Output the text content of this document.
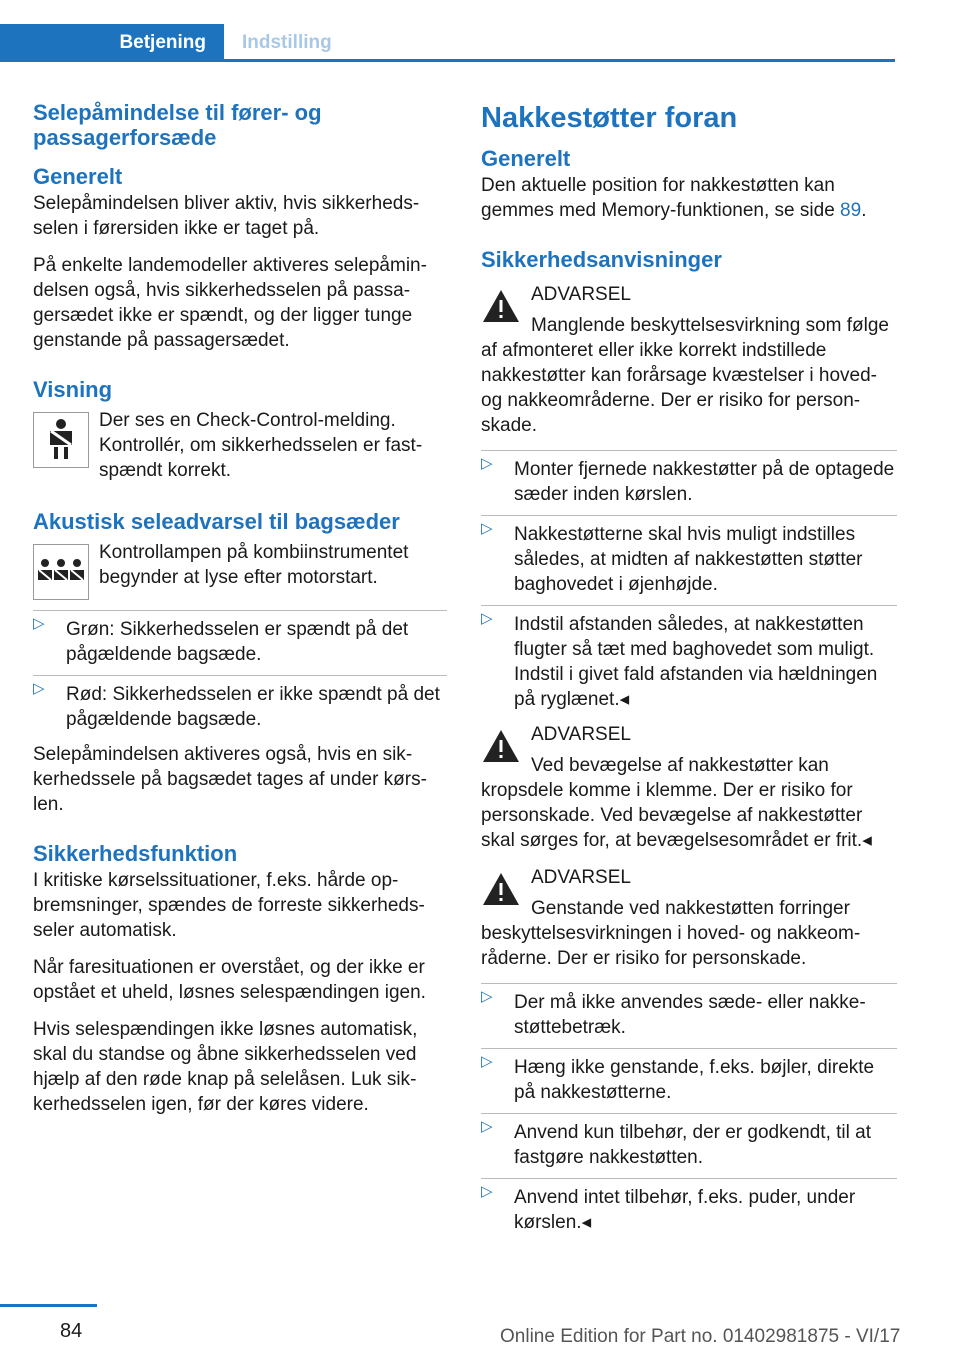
Betjening	Indstilling
Selepåmindelse til fører- og passagerforsæde
Generelt

Selepåmindelsen bliver aktiv, hvis sikkerhedsselen i førersiden ikke er taget på.

På enkelte landemodeller aktiveres selepåmindelsen også, hvis sikkerhedsselen på passagersædet ikke er spændt, og der ligger tunge genstande på passagersædet.

Visning

Der ses en Check-Control-melding. Kontrollér, om sikkerhedsselen er fastspændt korrekt.

Akustisk seleadvarsel til bagsæder

Kontrollampen på kombiinstrumentet begynder at lyse efter motorstart.

▷ Grøn: Sikkerhedsselen er spændt på det pågældende bagsæde.
▷ Rød: Sikkerhedsselen er ikke spændt på det pågældende bagsæde.

Selepåmindelsen aktiveres også, hvis en sikkerhedssele på bagsædet tages af under kørslen.

Sikkerhedsfunktion

I kritiske kørselssituationer, f.eks. hårde opbremsninger, spændes de forreste sikkerhedsseler automatisk.

Når faresituationen er overstået, og der ikke er opstået et uheld, løsnes selespændingen igen.

Hvis selespændingen ikke løsnes automatisk, skal du standse og åbne sikkerhedsselen ved hjælp af den røde knap på selelåsen. Luk sikkerhedsselen igen, før der køres videre.

Nakkestøtter foran
Generelt

Den aktuelle position for nakkestøtten kan gemmes med Memory-funktionen, se side 89.

Sikkerhedsanvisninger
ADVARSEL
Manglende beskyttelsesvirkning som følge af afmonteret eller ikke korrekt indstillede nakkestøtter kan forårsage kvæstelser i hoved- og nakkeområderne. Der er risiko for personskade.
▷ Monter fjernede nakkestøtter på de optagede sæder inden kørslen.
▷ Nakkestøtterne skal hvis muligt indstilles således, at midten af nakkestøtten støtter baghovedet i øjenhøjde.
▷ Indstil afstanden således, at nakkestøtten flugter så tæt med baghovedet som muligt. Indstil i givet fald afstanden via hældningen på ryglænet.◂
ADVARSEL
Ved bevægelse af nakkestøtter kan kropsdele komme i klemme. Der er risiko for personskade. Ved bevægelse af nakkestøtter skal sørges for, at bevægelsesområdet er frit.◂
ADVARSEL
Genstande ved nakkestøtten forringer beskyttelsesvirkningen i hoved- og nakkeområderne. Der er risiko for personskade.
▷ Der må ikke anvendes sæde- eller nakkestøttebetræk.
▷ Hæng ikke genstande, f.eks. bøjler, direkte på nakkestøtterne.
▷ Anvend kun tilbehør, der er godkendt, til at fastgøre nakkestøtten.
▷ Anvend intet tilbehør, f.eks. puder, under kørslen.◂
84	Online Edition for Part no. 01402981875 - VI/17
